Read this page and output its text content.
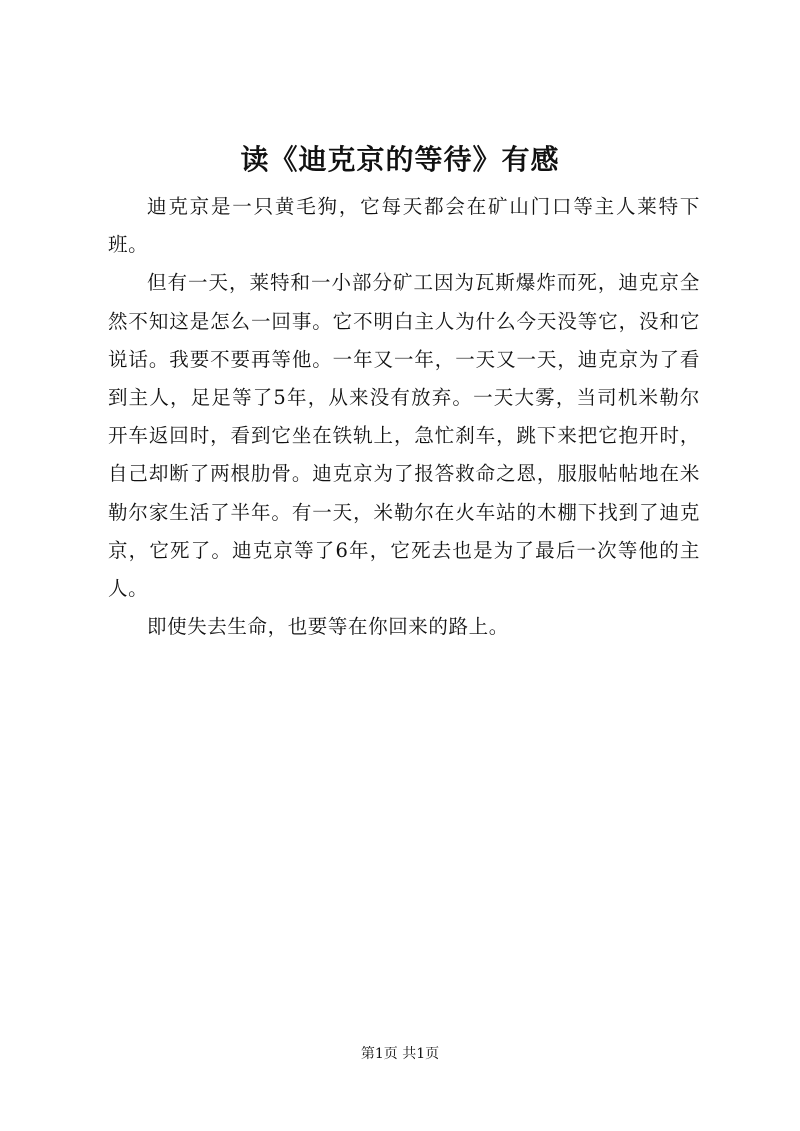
读《迪克京的等待》有感

迪克京是一只黄毛狗，它每天都会在矿山门口等主人莱特下班。

但有一天，莱特和一小部分矿工因为瓦斯爆炸而死，迪克京全然不知这是怎么一回事。它不明白主人为什么今天没等它，没和它说话。我要不要再等他。一年又一年，一天又一天，迪克京为了看到主人，足足等了5年，从来没有放弃。一天大雾，当司机米勒尔开车返回时，看到它坐在铁轨上，急忙刹车，跳下来把它抱开时，自己却断了两根肋骨。迪克京为了报答救命之恩，服服帖帖地在米勒尔家生活了半年。有一天，米勒尔在火车站的木棚下找到了迪克京，它死了。迪克京等了6年，它死去也是为了最后一次等他的主人。

即使失去生命，也要等在你回来的路上。

第1页 共1页
